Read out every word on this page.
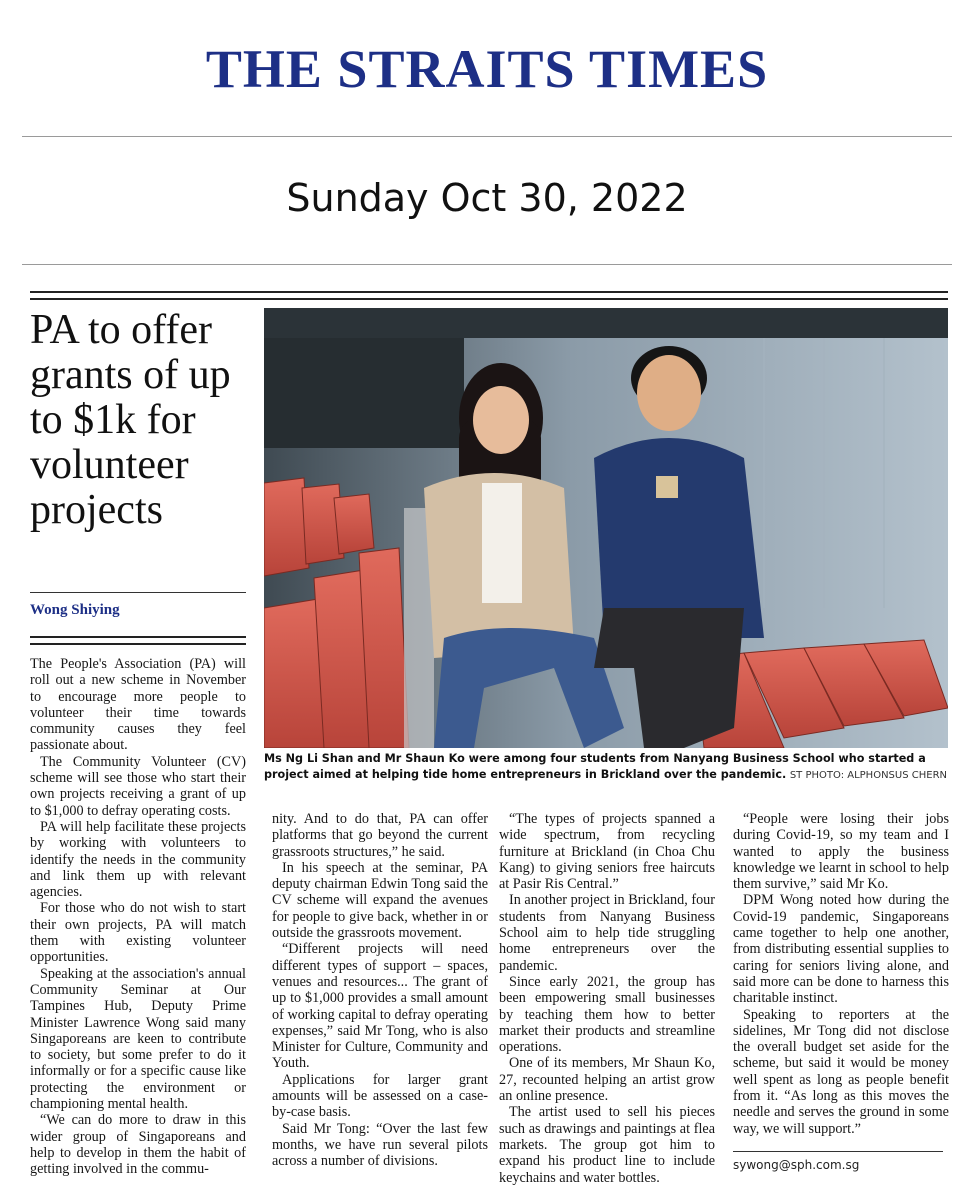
THE STRAITS TIMES
Sunday Oct 30, 2022
PA to offer grants of up to $1k for volunteer projects
Wong Shiying
Ms Ng Li Shan and Mr Shaun Ko were among four students from Nanyang Business School who started a project aimed at helping tide home entrepreneurs in Brickland over the pandemic. ST PHOTO: ALPHONSUS CHERN

The People's Association (PA) will roll out a new scheme in November to encourage more people to volunteer their time towards community causes they feel passionate about.

The Community Volunteer (CV) scheme will see those who start their own projects receiving a grant of up to $1,000 to defray operating costs.

PA will help facilitate these projects by working with volunteers to identify the needs in the community and link them up with relevant agencies.

For those who do not wish to start their own projects, PA will match them with existing volunteer opportunities.

Speaking at the association's annual Community Seminar at Our Tampines Hub, Deputy Prime Minister Lawrence Wong said many Singaporeans are keen to contribute to society, but some prefer to do it informally or for a specific cause like protecting the environment or championing mental health.

“We can do more to draw in this wider group of Singaporeans and help to develop in them the habit of getting involved in the commu-

nity. And to do that, PA can offer platforms that go beyond the current grassroots structures,” he said.

In his speech at the seminar, PA deputy chairman Edwin Tong said the CV scheme will expand the avenues for people to give back, whether in or outside the grassroots movement.

“Different projects will need different types of support – spaces, venues and resources... The grant of up to $1,000 provides a small amount of working capital to defray operating expenses,” said Mr Tong, who is also Minister for Culture, Community and Youth.

Applications for larger grant amounts will be assessed on a case-by-case basis.

Said Mr Tong: “Over the last few months, we have run several pilots across a number of divisions.

“The types of projects spanned a wide spectrum, from recycling furniture at Brickland (in Choa Chu Kang) to giving seniors free haircuts at Pasir Ris Central.”

In another project in Brickland, four students from Nanyang Business School aim to help tide struggling home entrepreneurs over the pandemic.

Since early 2021, the group has been empowering small businesses by teaching them how to better market their products and streamline operations.

One of its members, Mr Shaun Ko, 27, recounted helping an artist grow an online presence.

The artist used to sell his pieces such as drawings and paintings at flea markets. The group got him to expand his product line to include keychains and water bottles.

“People were losing their jobs during Covid-19, so my team and I wanted to apply the business knowledge we learnt in school to help them survive,” said Mr Ko.

DPM Wong noted how during the Covid-19 pandemic, Singaporeans came together to help one another, from distributing essential supplies to caring for seniors living alone, and said more can be done to harness this charitable instinct.

Speaking to reporters at the sidelines, Mr Tong did not disclose the overall budget set aside for the scheme, but said it would be money well spent as long as people benefit from it. “As long as this moves the needle and serves the ground in some way, we will support.”

sywong@sph.com.sg
